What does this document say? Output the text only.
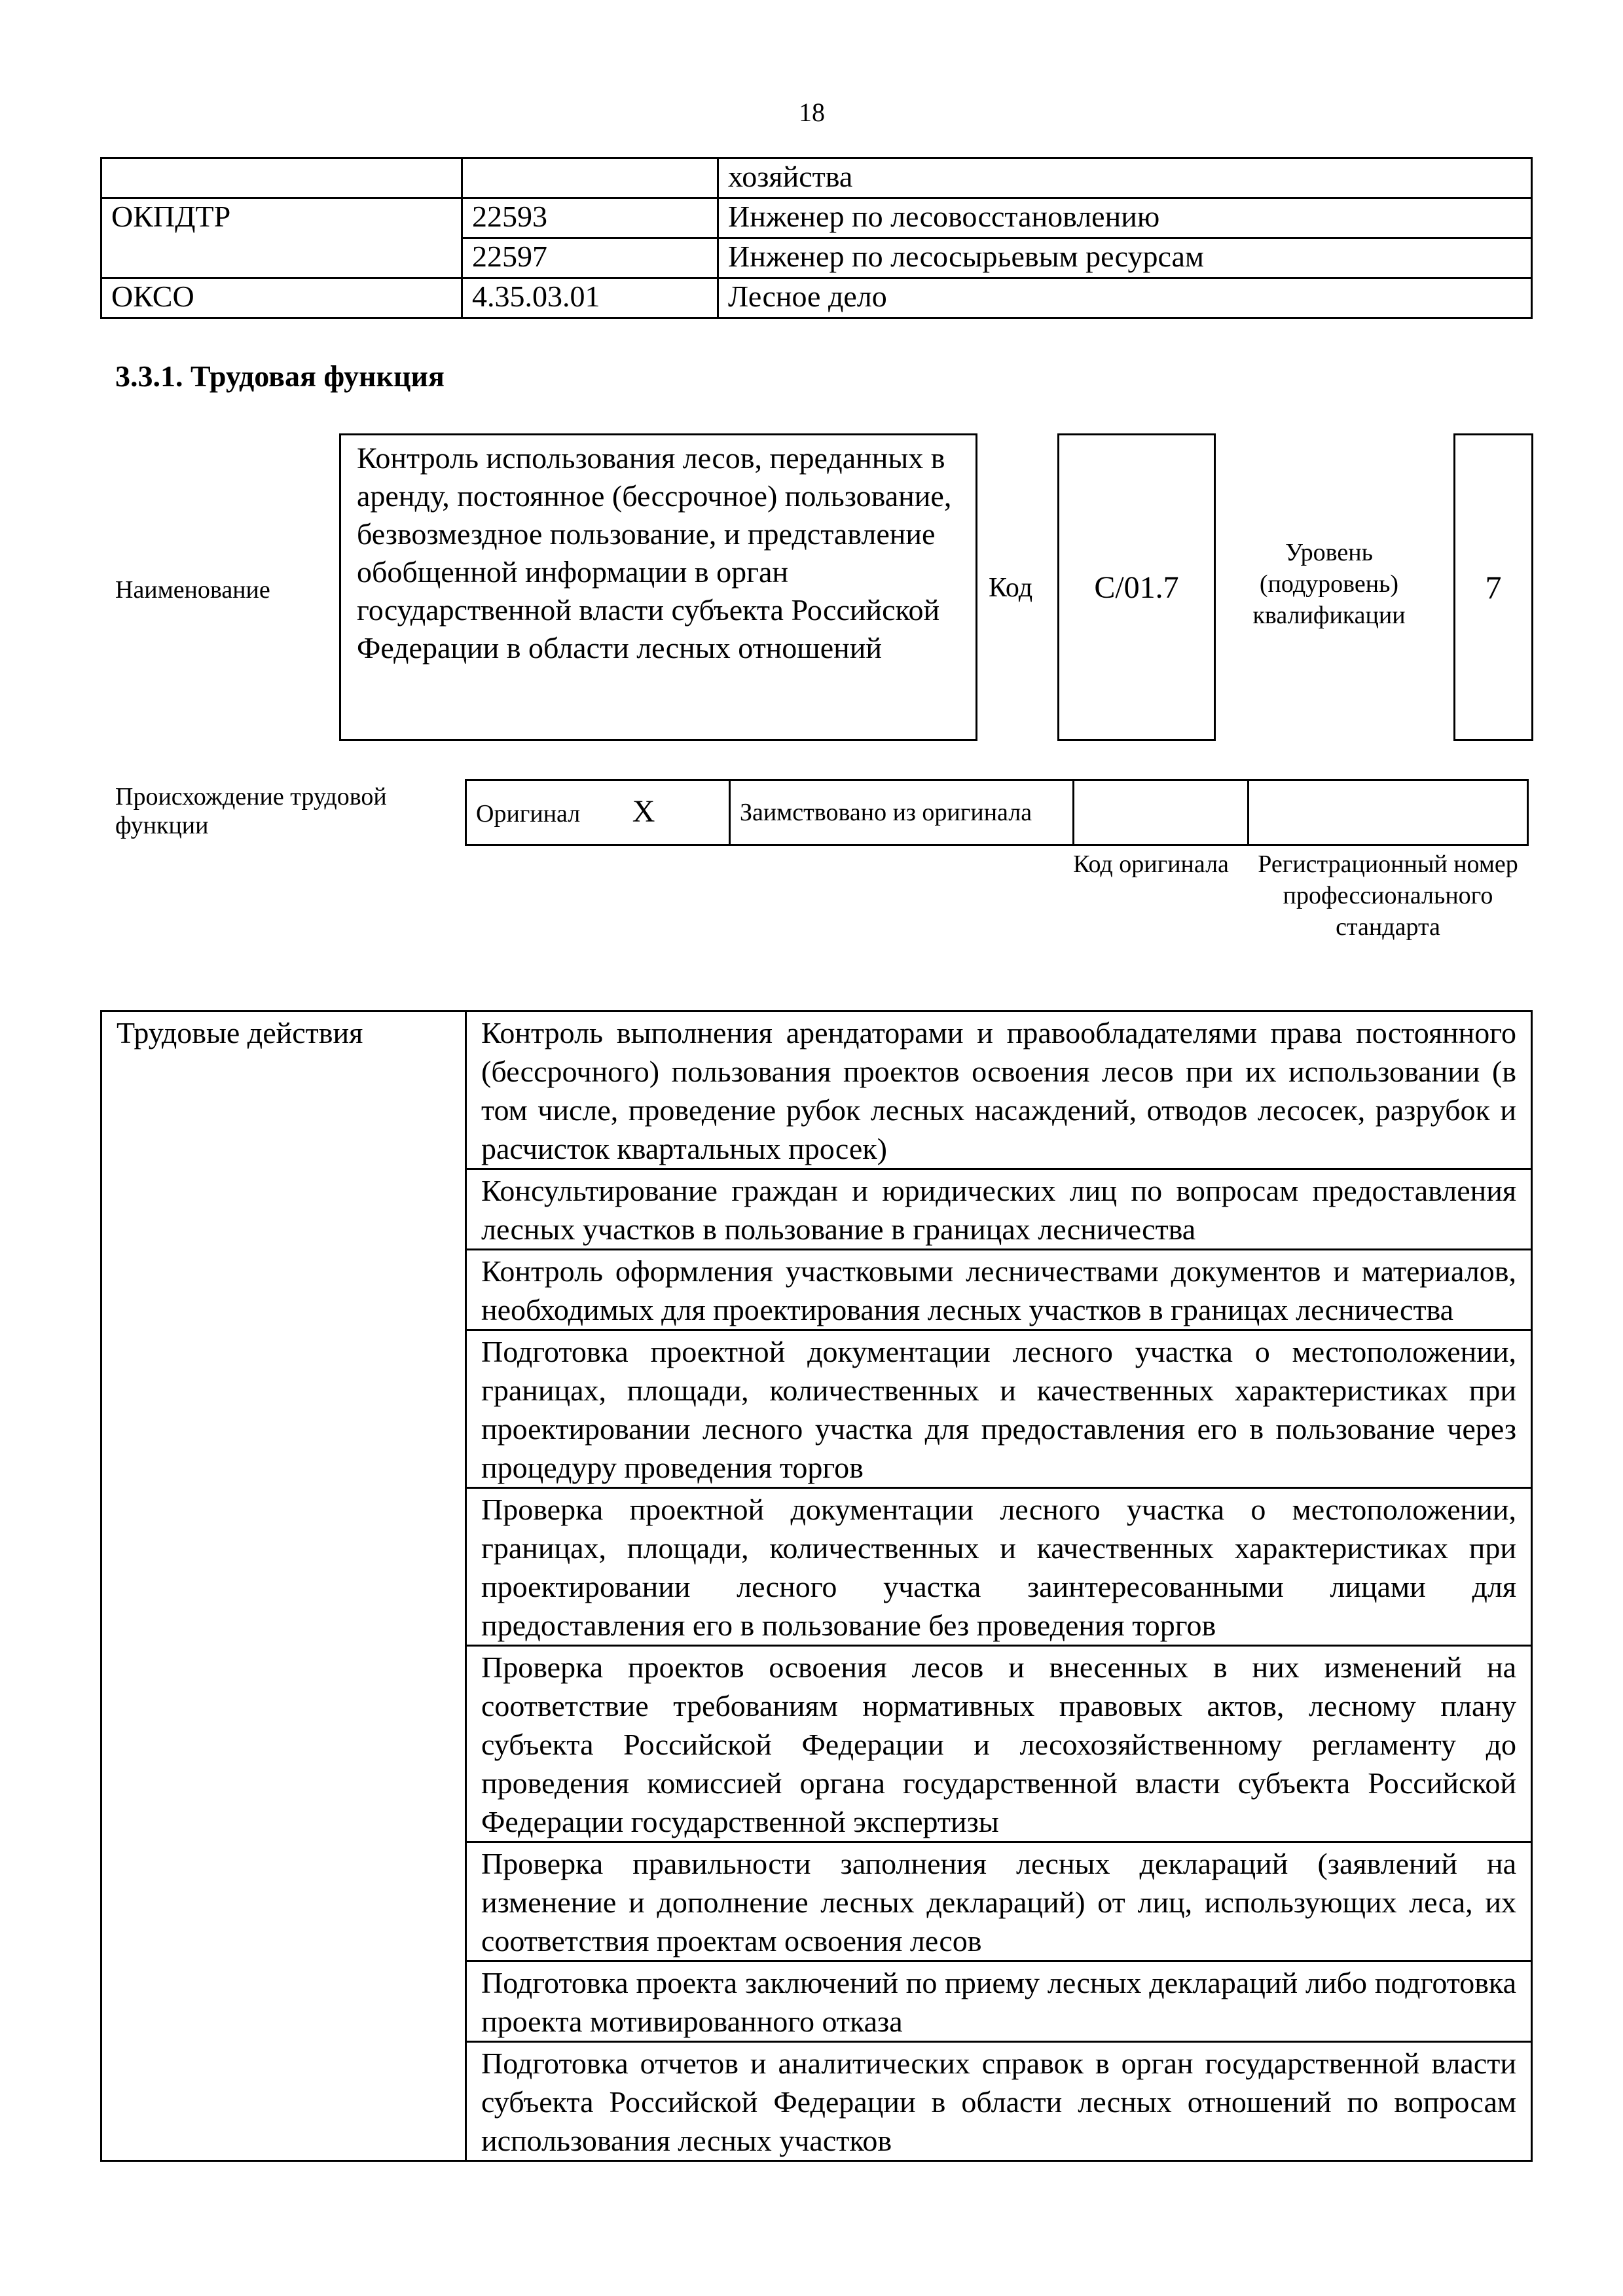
18
		хозяйства
ОКПДТР	22593	Инженер по лесовосстановлению
	22597	Инженер по лесосырьевым ресурсам
ОКСО	4.35.03.01	Лесное дело
3.3.1. Трудовая функция
Наименование
Контроль использования лесов, переданных в аренду, постоянное (бессрочное) пользование, безвозмездное пользование, и представление обобщенной информации в орган государственной власти субъекта Российской Федерации в области лесных отношений
Код	C/01.7
Уровень (подуровень) квалификации
7
Происхождение трудовой функции	Оригинал X	Заимствовано из оригинала		
Код оригинала	Регистрационный номер профессионального стандарта
Трудовые действия	Контроль выполнения арендаторами и правообладателями права постоянного (бессрочного) пользования проектов освоения лесов при их использовании (в том числе, проведение рубок лесных насаждений, отводов лесосек, разрубок и расчисток квартальных просек)
Консультирование граждан и юридических лиц по вопросам предоставления лесных участков в пользование в границах лесничества
Контроль оформления участковыми лесничествами документов и материалов, необходимых для проектирования лесных участков в границах лесничества
Подготовка проектной документации лесного участка о местоположении, границах, площади, количественных и качественных характеристиках при проектировании лесного участка для предоставления его в пользование через процедуру проведения торгов
Проверка проектной документации лесного участка о местоположении, границах, площади, количественных и качественных характеристиках при проектировании лесного участка заинтересованными лицами для предоставления его в пользование без проведения торгов
Проверка проектов освоения лесов и внесенных в них изменений на соответствие требованиям нормативных правовых актов, лесному плану субъекта Российской Федерации и лесохозяйственному регламенту до проведения комиссией органа государственной власти субъекта Российской Федерации государственной экспертизы
Проверка правильности заполнения лесных деклараций (заявлений на изменение и дополнение лесных деклараций) от лиц, использующих леса, их соответствия проектам освоения лесов
Подготовка проекта заключений по приему лесных деклараций либо подготовка проекта мотивированного отказа
Подготовка отчетов и аналитических справок в орган государственной власти субъекта Российской Федерации в области лесных отношений по вопросам использования лесных участков
